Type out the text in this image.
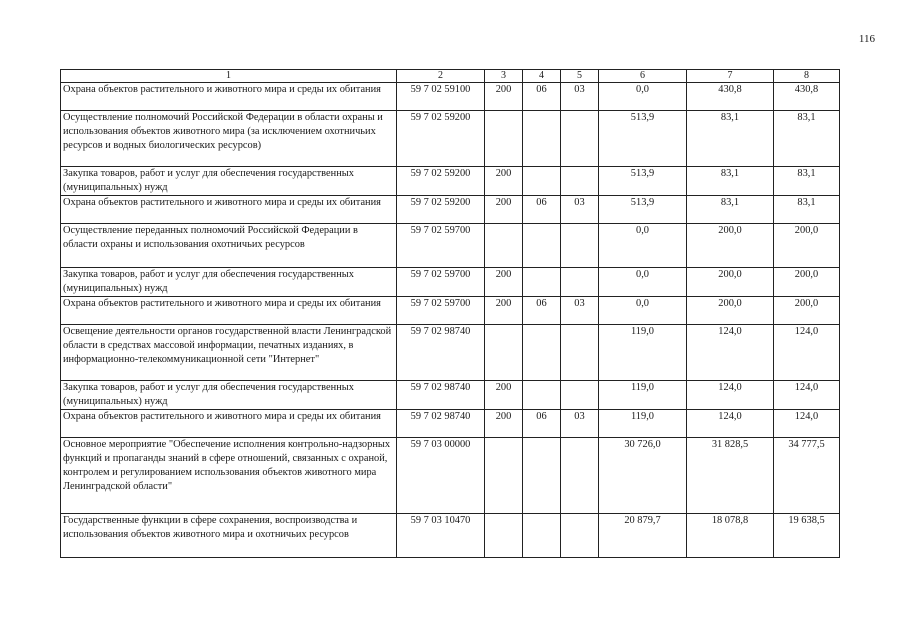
116
1	2	3	4	5	6	7	8
Охрана объектов растительного и животного мира и среды их обитания	59 7 02 59100	200	06	03	0,0	430,8	430,8
Осуществление полномочий Российской Федерации в области охраны и использования объектов животного мира (за исключением охотничьих ресурсов и водных биологических ресурсов)	59 7 02 59200				513,9	83,1	83,1
Закупка товаров, работ и услуг для обеспечения государственных (муниципальных) нужд	59 7 02 59200	200			513,9	83,1	83,1
Охрана объектов растительного и животного мира и среды их обитания	59 7 02 59200	200	06	03	513,9	83,1	83,1
Осуществление переданных полномочий Российской Федерации в области охраны и использования охотничьих ресурсов	59 7 02 59700				0,0	200,0	200,0
Закупка товаров, работ и услуг для обеспечения государственных (муниципальных) нужд	59 7 02 59700	200			0,0	200,0	200,0
Охрана объектов растительного и животного мира и среды их обитания	59 7 02 59700	200	06	03	0,0	200,0	200,0
Освещение деятельности органов государственной власти Ленинградской области в средствах массовой информации, печатных изданиях, в информационно-телекоммуникационной сети "Интернет"	59 7 02 98740				119,0	124,0	124,0
Закупка товаров, работ и услуг для обеспечения государственных (муниципальных) нужд	59 7 02 98740	200			119,0	124,0	124,0
Охрана объектов растительного и животного мира и среды их обитания	59 7 02 98740	200	06	03	119,0	124,0	124,0
Основное мероприятие "Обеспечение исполнения контрольно-надзорных функций и пропаганды знаний в сфере отношений, связанных с охраной, контролем и регулированием использования объектов животного мира Ленинградской области"	59 7 03 00000				30 726,0	31 828,5	34 777,5
Государственные функции в сфере сохранения, воспроизводства и использования объектов животного мира и охотничьих ресурсов	59 7 03 10470				20 879,7	18 078,8	19 638,5
